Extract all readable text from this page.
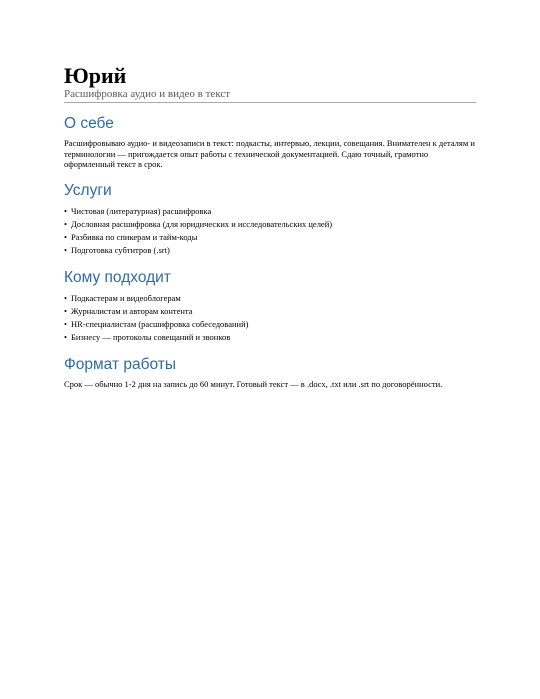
Юрий
Расшифровка аудио и видео в текст
О себе

Расшифровываю аудио- и видеозаписи в текст: подкасты, интервью, лекции, совещания. Внимателен к деталям и терминологии — пригождается опыт работы с технической документацией. Сдаю точный, грамотно оформленный текст в срок.

Услуги
• Чистовая (литературная) расшифровка
• Дословная расшифровка (для юридических и исследовательских целей)
• Разбивка по спикерам и тайм-коды
• Подготовка субтитров (.srt)
Кому подходит
• Подкастерам и видеоблогерам
• Журналистам и авторам контента
• HR-специалистам (расшифровка собеседований)
• Бизнесу — протоколы совещаний и звонков
Формат работы

Срок — обычно 1-2 дня на запись до 60 минут. Готовый текст — в .docx, .txt или .srt по договорённости.
